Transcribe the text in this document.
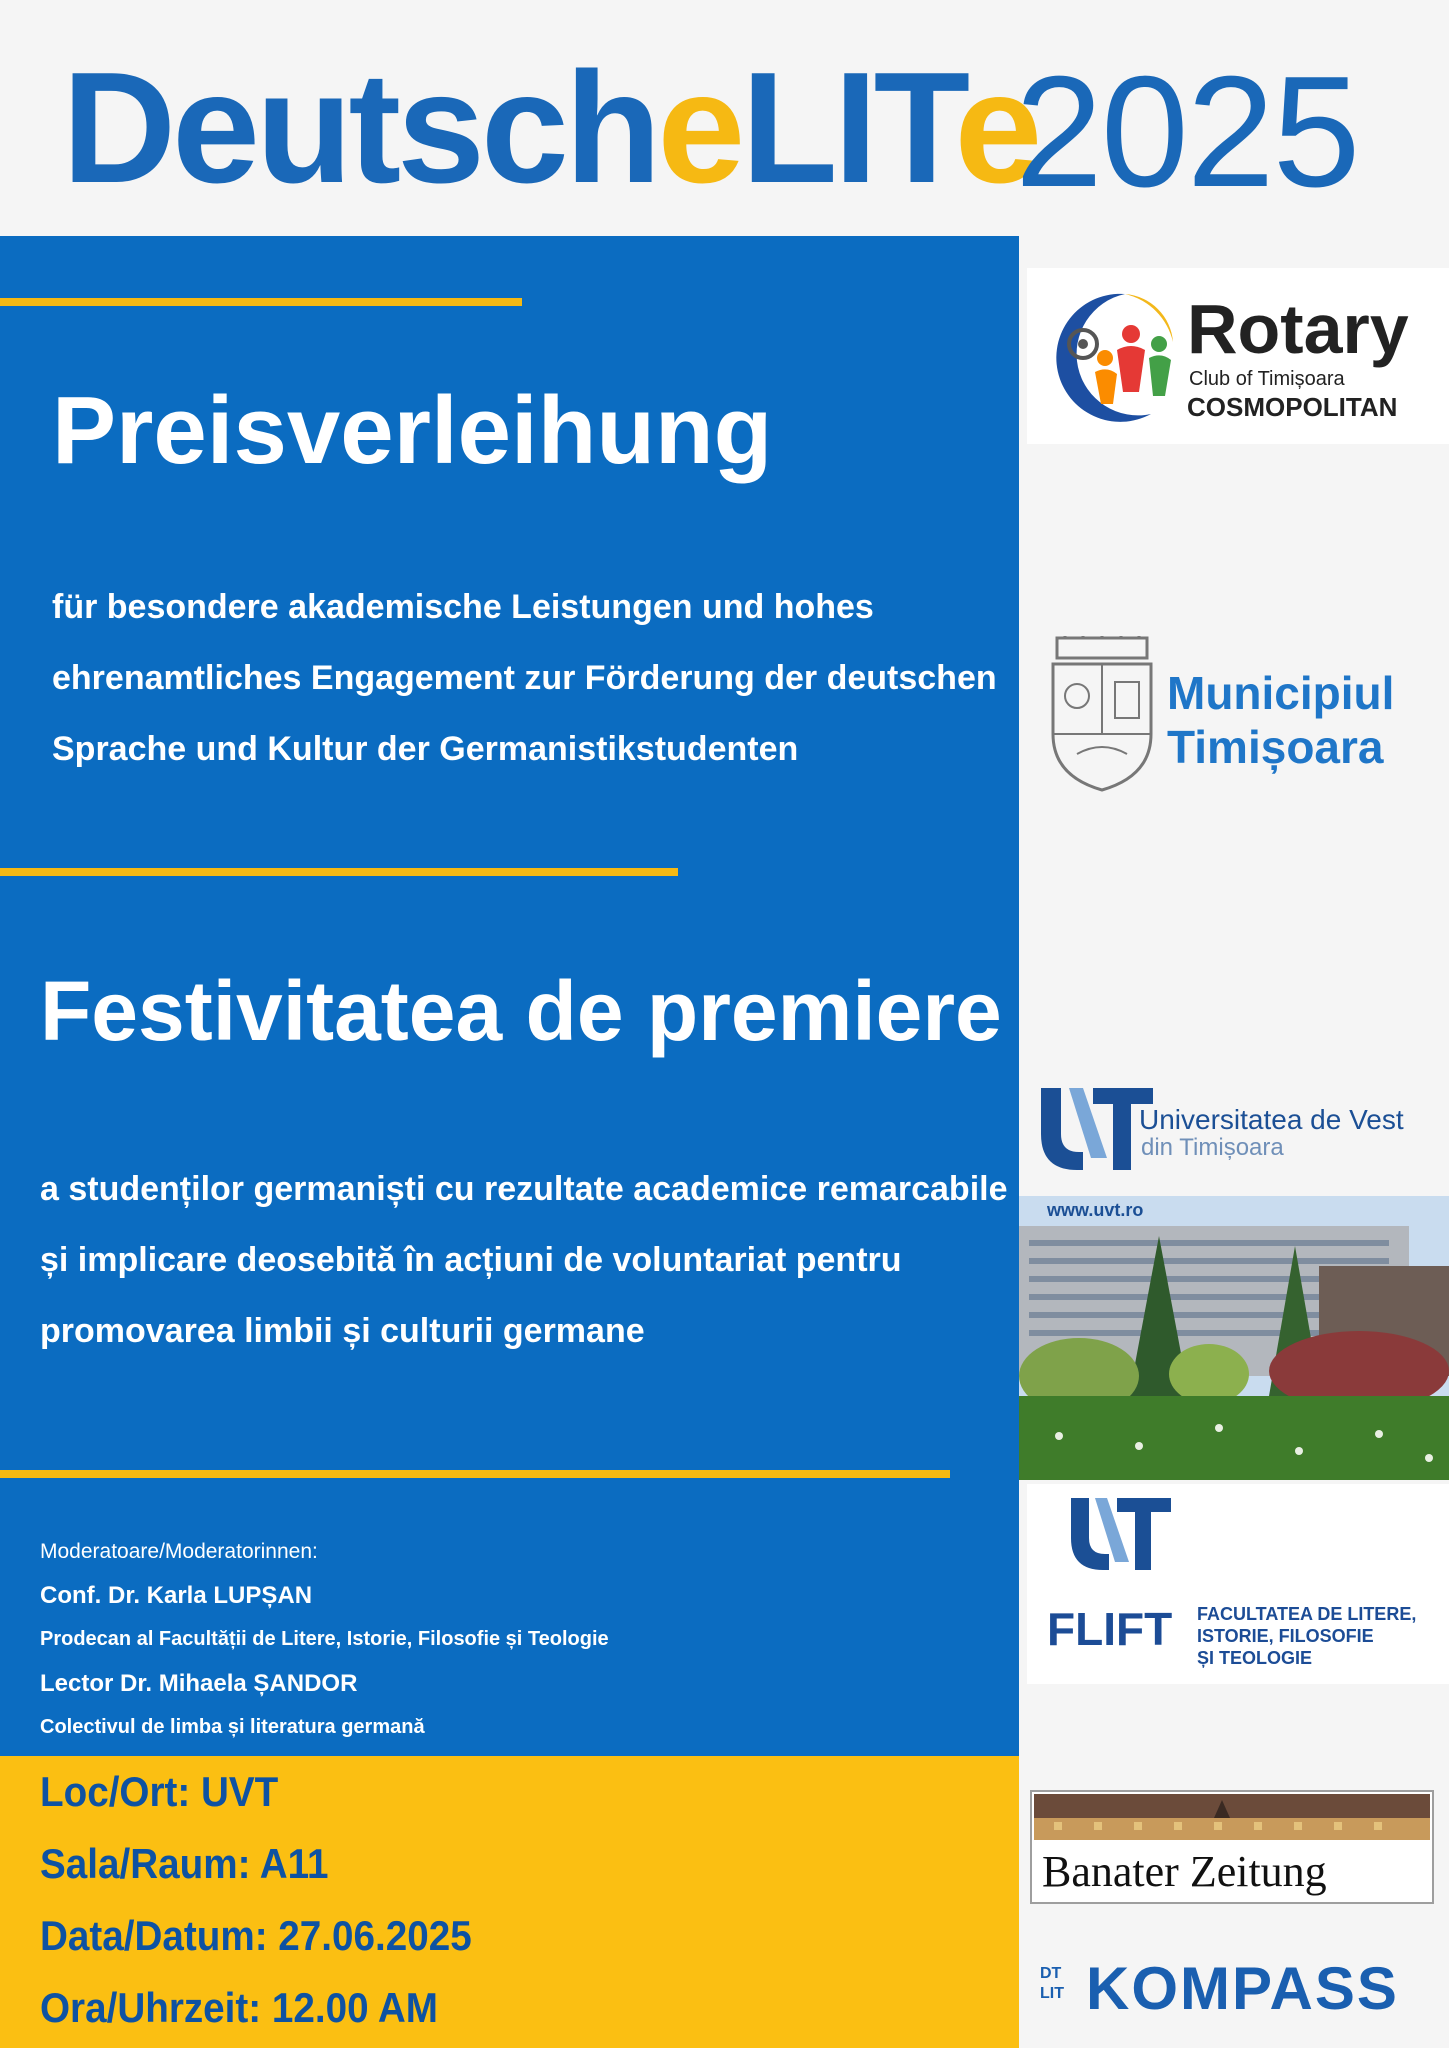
DeutscheLITe
2025
Preisverleihung
für besondere akademische Leistungen und hohes
ehrenamtliches Engagement zur Förderung der deutschen
Sprache und Kultur der Germanistikstudenten
Festivitatea de premiere
a studenților germaniști cu rezultate academice remarcabile
și implicare deosebită în acțiuni de voluntariat pentru
promovarea limbii și culturii germane
Moderatoare/Moderatorinnen:
Conf. Dr. Karla LUPȘAN
Prodecan al Facultății de Litere, Istorie, Filosofie și Teologie
Lector Dr. Mihaela ȘANDOR
Colectivul de limba și literatura germană
Loc/Ort: UVT
Sala/Raum: A11
Data/Datum: 27.06.2025
Ora/Uhrzeit: 12.00 AM
Rotary
Club of Timișoara
COSMOPOLITAN
Municipiul
Timișoara
Universitatea de Vest
din Timișoara
www.uvt.ro
FLIFT FACULTATEA DE LITERE,
ISTORIE, FILOSOFIE
ȘI TEOLOGIE
Banater Zeitung
DT LIT KOMPASS
